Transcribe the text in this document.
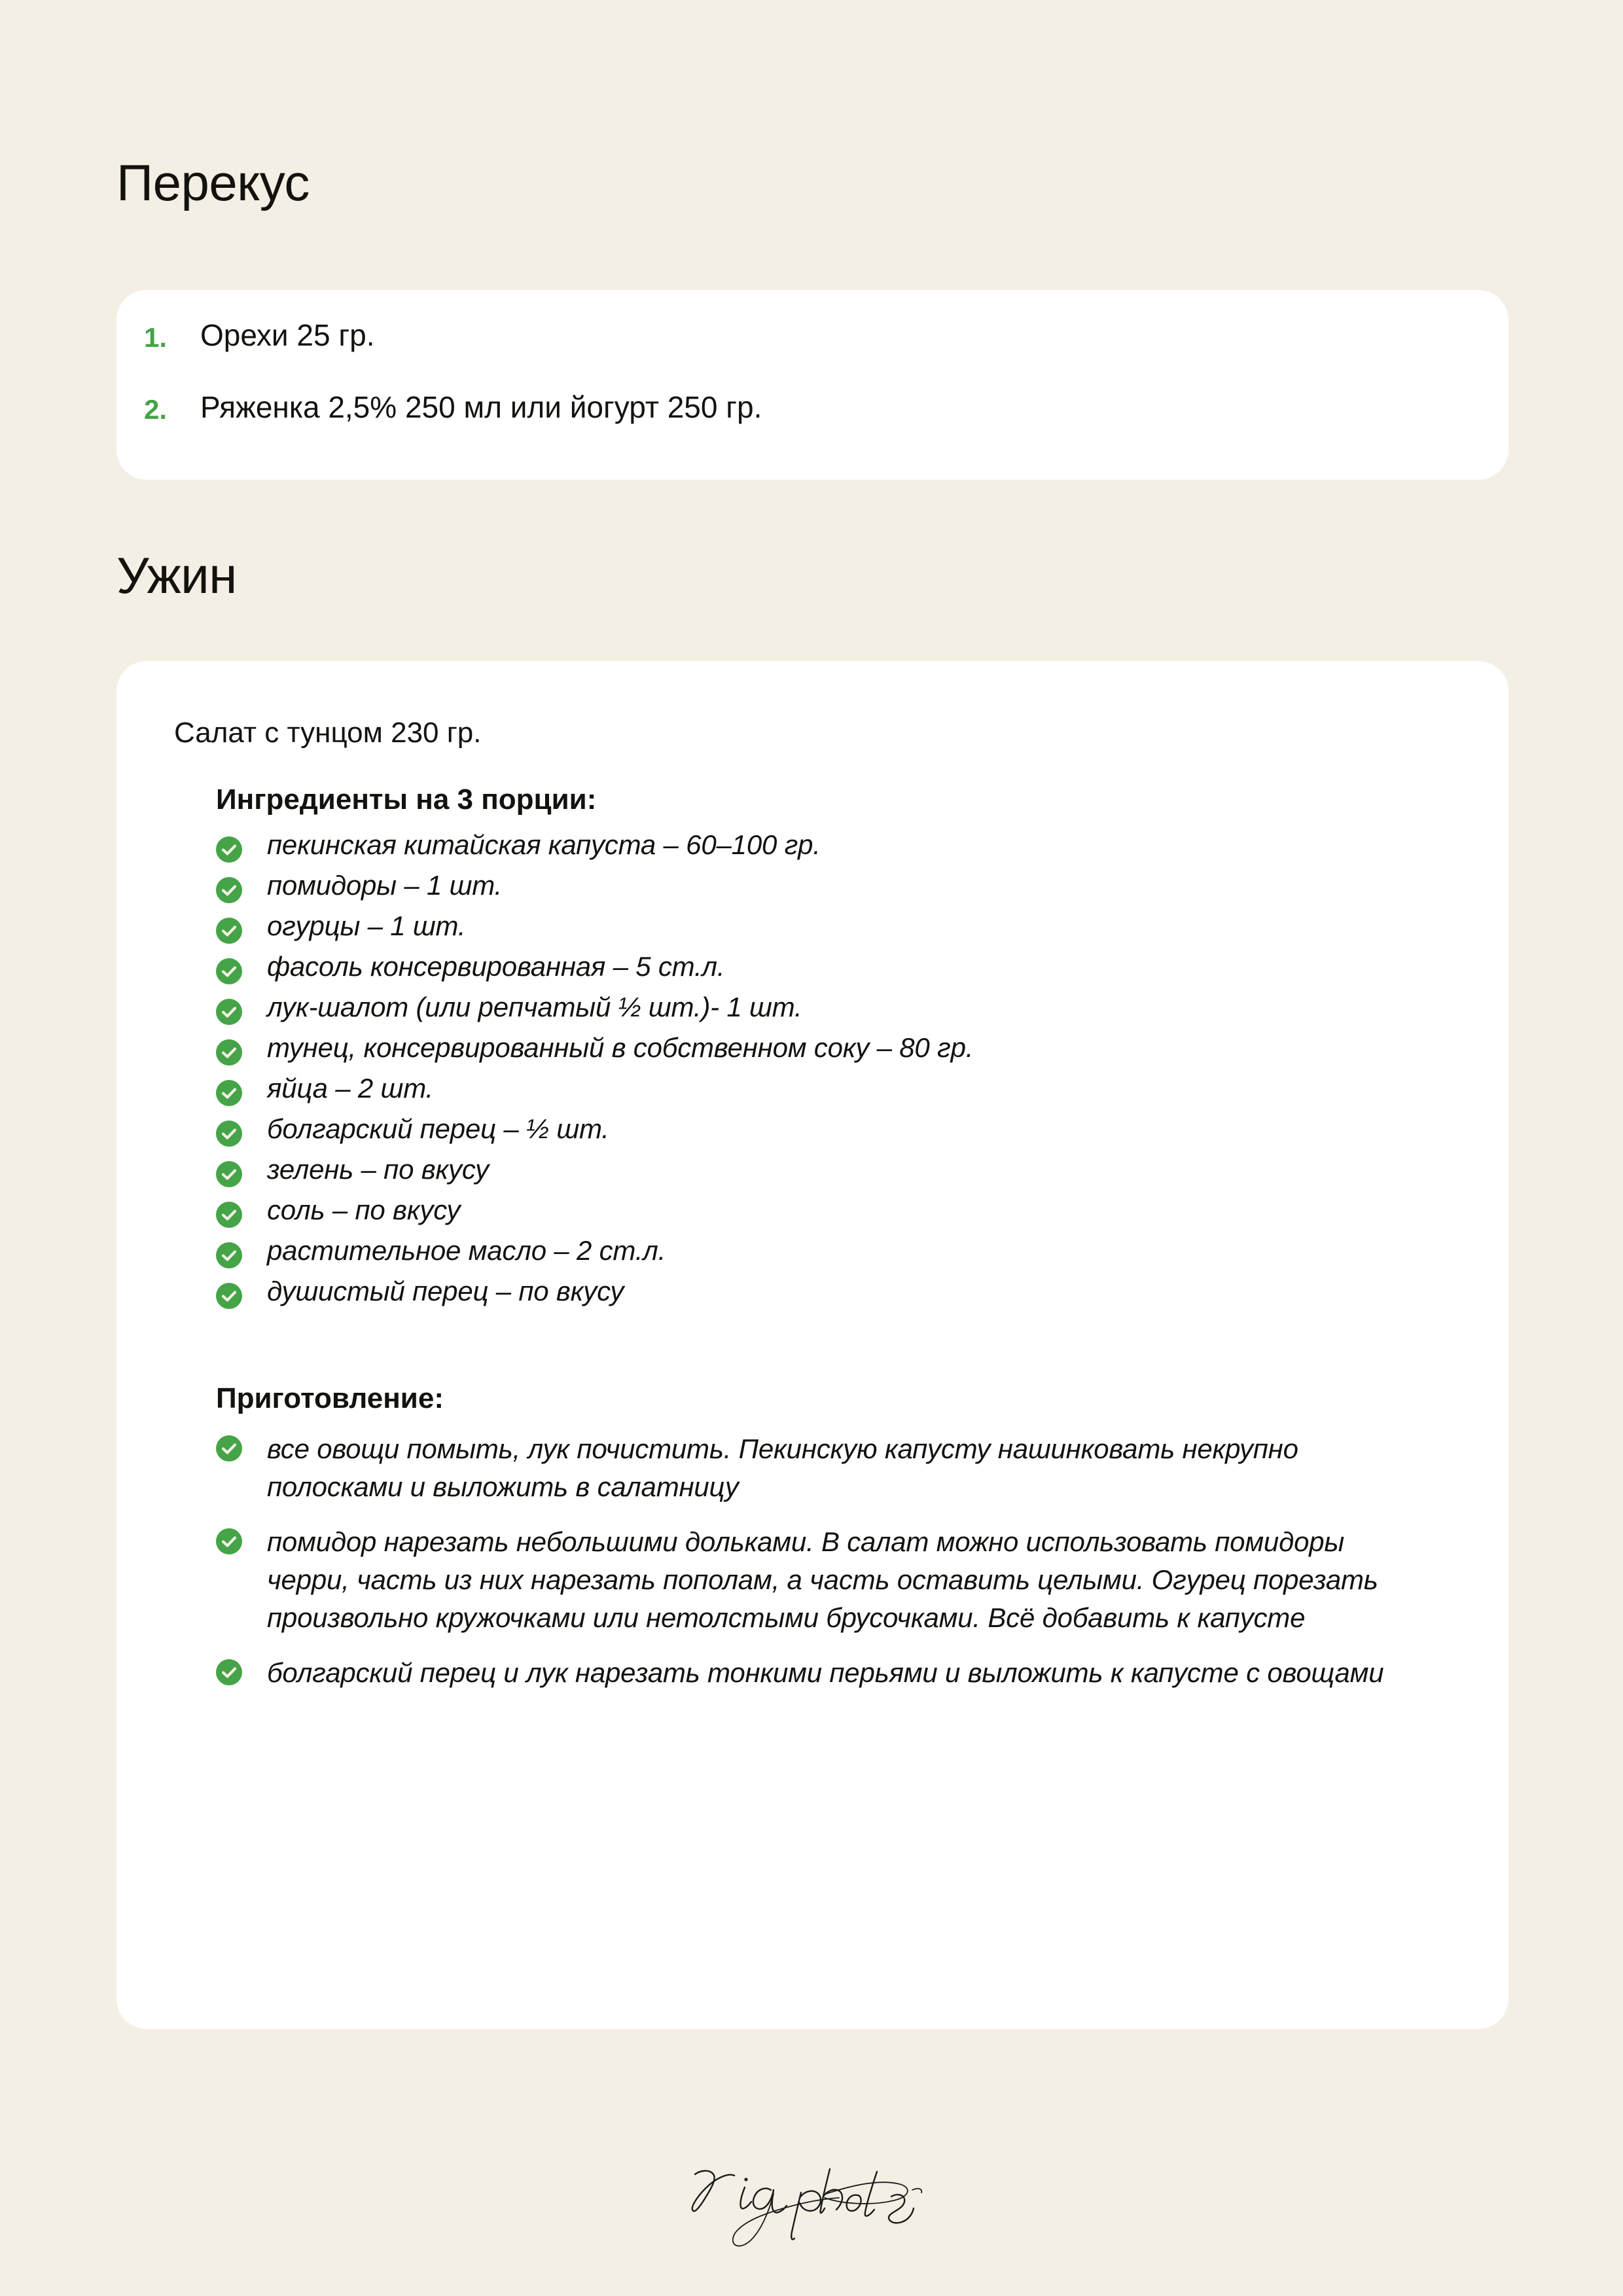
Перекус
1.	Орехи 25 гр.
2.	Ряженка 2,5% 250 мл или йогурт 250 гр.
Ужин
Салат с тунцом 230 гр.
Ингредиенты на 3 порции:
пекинская китайская капуста – 60–100 гр.
помидоры – 1 шт.
огурцы – 1 шт.
фасоль консервированная – 5 ст.л.
лук-шалот (или репчатый ½ шт.)- 1 шт.
тунец, консервированный в собственном соку – 80 гр.
яйца – 2 шт.
болгарский перец – ½ шт.
зелень – по вкусу
соль – по вкусу
растительное масло – 2 ст.л.
душистый перец – по вкусу
Приготовление:
все овощи помыть, лук почистить. Пекинскую капусту нашинковать некрупно полосками и выложить в салатницу
помидор нарезать небольшими дольками. В салат можно использовать помидоры черри, часть из них нарезать пополам, а часть оставить целыми. Огурец порезать произвольно кружочками или нетолстыми брусочками. Всё добавить к капусте
болгарский перец и лук нарезать тонкими перьями и выложить к капусте с овощами
